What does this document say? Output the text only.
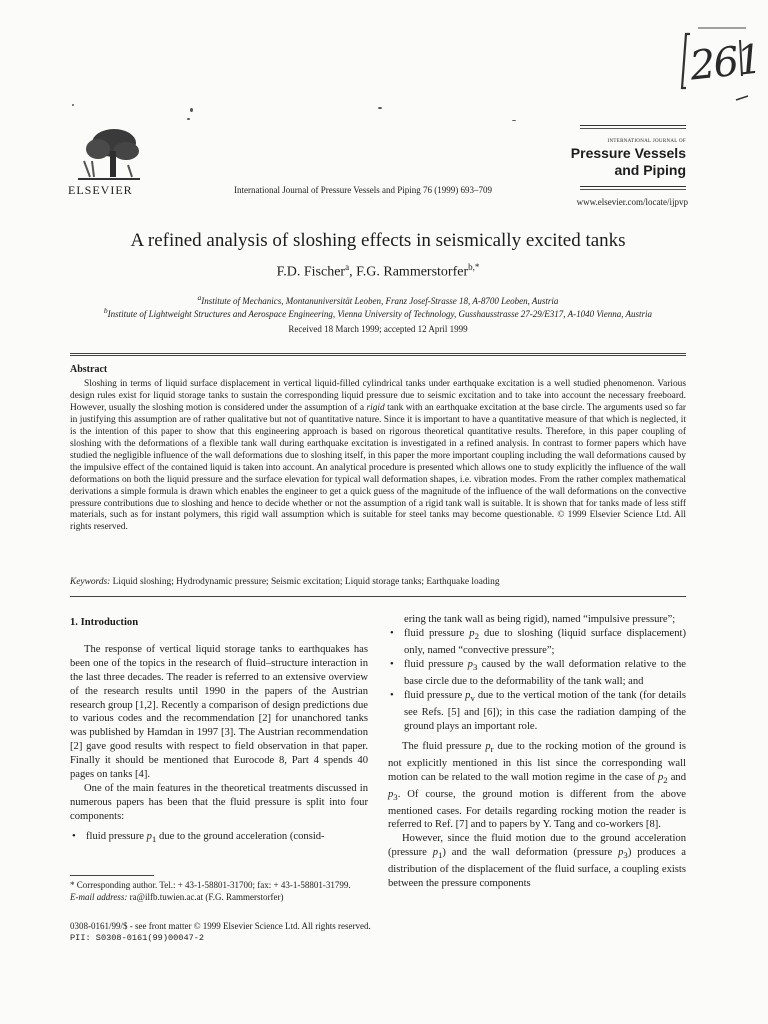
261
ELSEVIER	International Journal of Pressure Vessels and Piping 76 (1999) 693–709
INTERNATIONAL JOURNAL OF
Pressure Vessels
and Piping
www.elsevier.com/locate/ijpvp
A refined analysis of sloshing effects in seismically excited tanks
F.D. Fischer$^a$, F.G. Rammerstorfer$^{b,*}$
$^a$Institute of Mechanics, Montanuniversität Leoben, Franz Josef-Strasse 18, A-8700 Leoben, Austria
$^b$Institute of Lightweight Structures and Aerospace Engineering, Vienna University of Technology, Gusshausstrasse 27-29/E317, A-1040 Vienna, Austria
Received 18 March 1999; accepted 12 April 1999
Abstract

Sloshing in terms of liquid surface displacement in vertical liquid-filled cylindrical tanks under earthquake excitation is a well studied phenomenon. Various design rules exist for liquid storage tanks to sustain the corresponding liquid pressure due to seismic excitation and to take into account the necessary freeboard. However, usually the sloshing motion is considered under the assumption of a rigid tank with an earthquake excitation at the base circle. The arguments used so far in justifying this assumption are of rather qualitative but not of quantitative nature. Since it is important to have a quantitative measure of that which is neglected, it is the intention of this paper to show that this engineering approach is based on rigorous theoretical quantitative results. Therefore, in this paper coupling of sloshing with the deformations of a flexible tank wall during earthquake excitation is investigated in a refined analysis. In contrast to former papers which have studied the negligible influence of the wall deformations due to sloshing itself, in this paper the more important coupling including the wall deformations caused by the impulsive effect of the contained liquid is taken into account. An analytical procedure is presented which allows one to study explicitly the influence of the wall deformations on both the liquid pressure and the surface elevation for typical wall deformation shapes, i.e. vibration modes. From the rather complex mathematical derivations a simple formula is drawn which enables the engineer to get a quick guess of the magnitude of the influence of the wall deformations on the convective pressure contributions due to sloshing and hence to decide whether or not the assumption of a rigid tank wall is suitable. It is shown that for tanks made of less stiff materials, such as for instant polymers, this rigid wall assumption which is suitable for steel tanks may become questionable. © 1999 Elsevier Science Ltd. All rights reserved.

Keywords: Liquid sloshing; Hydrodynamic pressure; Seismic excitation; Liquid storage tanks; Earthquake loading

1. Introduction

The response of vertical liquid storage tanks to earthquakes has been one of the topics in the research of fluid–structure interaction in the last three decades. The reader is referred to an extensive overview of the research results until 1990 in the papers of the Austrian research group [1,2]. Recently a comparison of design predictions due to various codes and the recommendation [2] for unanchored tanks was published by Hamdan in 1997 [3]. The Austrian recommendation [2] gave good results with respect to field observation in that paper. Finally it should be mentioned that Eurocode 8, Part 4 spends 40 pages on tanks [4].

One of the main features in the theoretical treatments discussed in numerous papers has been that the fluid pressure is split into four components:

• fluid pressure $p_1$ due to the ground acceleration (consid-

* Corresponding author. Tel.: + 43-1-58801-31700; fax: + 43-1-58801-31799.

E-mail address: ra@ilfb.tuwien.ac.at (F.G. Rammerstorfer)

ering the tank wall as being rigid), named “impulsive pressure”;

• fluid pressure $p_2$ due to sloshing (liquid surface displacement) only, named “convective pressure”;

• fluid pressure $p_3$ caused by the wall deformation relative to the base circle due to the deformability of the tank wall; and

• fluid pressure $p_v$ due to the vertical motion of the tank (for details see Refs. [5] and [6]); in this case the radiation damping of the ground plays an important role.

The fluid pressure $p_r$ due to the rocking motion of the ground is not explicitly mentioned in this list since the corresponding wall motion can be related to the wall motion regime in the case of $p_2$ and $p_3$. Of course, the ground motion is different from the above mentioned cases. For details regarding rocking motion the reader is referred to Ref. [7] and to papers by Y. Tang and co-workers [8].

However, since the fluid motion due to the ground acceleration (pressure $p_1$) and the wall deformation (pressure $p_3$) produces a distribution of the displacement of the fluid surface, a coupling exists between the pressure components

0308-0161/99/$ - see front matter © 1999 Elsevier Science Ltd. All rights reserved.

PII: S0308-0161(99)00047-2
